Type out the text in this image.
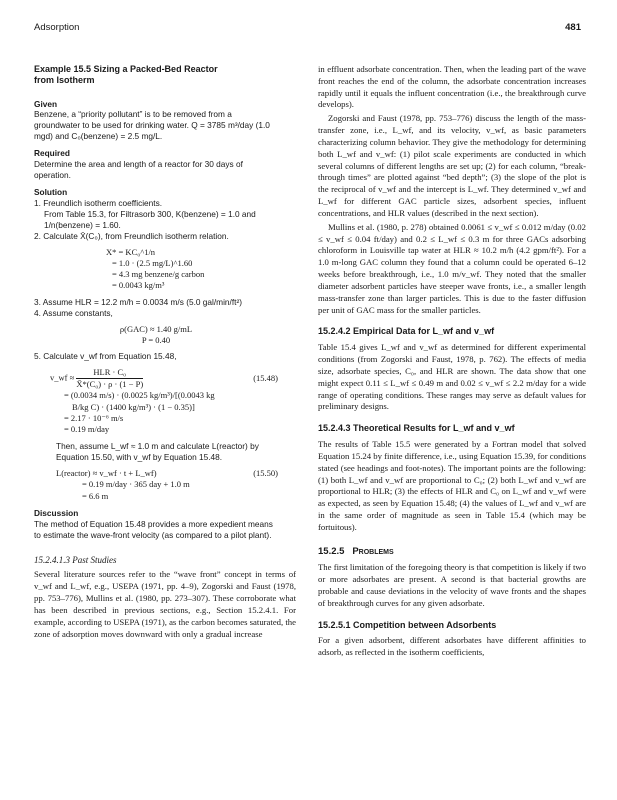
Adsorption	481
Example 15.5 Sizing a Packed-Bed Reactor
from Isotherm
Given

Benzene, a “priority pollutant” is to be removed from a groundwater to be used for drinking water. Q = 3785 m³/day (1.0 mgd) and C₀(benzene) = 2.5 mg/L.

Required

Determine the area and length of a reactor for 30 days of operation.

Solution
1. Freundlich isotherm coefficients.
From Table 15.3, for Filtrasorb 300, K(benzene) = 1.0 and 1/n(benzene) = 1.60.
2. Calculate X̄(C₀), from Freundlich isotherm relation.
X* = KC₀^1/n
= 1.0 · (2.5 mg/L)^1.60
= 4.3 mg benzene/g carbon
= 0.0043 kg/m³
3. Assume HLR = 12.2 m/h = 0.0034 m/s (5.0 gal/min/ft²)
4. Assume constants,
ρ(GAC) ≈ 1.40 g/mL
P = 0.40
5. Calculate v_wf from Equation 15.48,
v_wf ≈ $\frac{\text{HLR · C₀}}{\text{X̄*(C₀) · ρ · (1 − P)}}$	(15.48)
= (0.0034 m/s) · (0.0025 kg/m³)/[(0.0043 kg
B/kg C) · (1400 kg/m³) · (1 − 0.35)]
= 2.17 · 10⁻⁶ m/s
= 0.19 m/day

Then, assume L_wf ≈ 1.0 m and calculate L(reactor) by Equation 15.50, with v_wf by Equation 15.48.

L(reactor) ≈ v_wf · t + L_wf)	(15.50)
= 0.19 m/day · 365 day + 1.0 m
= 6.6 m
Discussion

The method of Equation 15.48 provides a more expedient means to estimate the wave-front velocity (as compared to a pilot plant).

15.2.4.1.3 Past Studies

Several literature sources refer to the “wave front” concept in terms of v_wf and L_wf, e.g., USEPA (1971, pp. 4–9), Zogorski and Faust (1978, pp. 753–776), Mullins et al. (1980, pp. 273–307). These corroborate what has been described in previous sections, e.g., Section 15.2.4.1. For example, according to USEPA (1971), as the carbon becomes saturated, the zone of adsorption moves downward with only a gradual increase

in effluent adsorbate concentration. Then, when the leading part of the wave front reaches the end of the column, the adsorbate concentration increases rapidly until it equals the influent concentration (i.e., the breakthrough curve develops).

Zogorski and Faust (1978, pp. 753–776) discuss the length of the mass-transfer zone, i.e., L_wf, and its velocity, v_wf, as basic parameters characterizing column behavior. They give the methodology for determining both L_wf and v_wf: (1) pilot scale experiments are conducted in which several columns of different lengths are set up; (2) for each column, “break-through times” are plotted against “bed depth”; (3) the slope of the plot is the reciprocal of v_wf and the intercept is L_wf. They determined v_wf and L_wf for different GAC particle sizes, adsorbent species, influent concentrations, and HLR values (described in the next section).

Mullins et al. (1980, p. 278) obtained 0.0061 ≤ v_wf ≤ 0.012 m/day (0.02 ≤ v_wf ≤ 0.04 ft/day) and 0.2 ≤ L_wf ≤ 0.3 m for three GACs adsorbing chloroform in Louisville tap water at HLR ≈ 10.2 m/h (4.2 gpm/ft²). For a 1.0 m-long GAC column they found that a column could be operated 6–12 weeks before breakthrough, i.e., 1.0 m/v_wf. They noted that the smaller diameter adsorbent particles have steeper wave fronts, i.e., a smaller length mass-transfer zone than larger particles. This is due to the faster diffusion per unit of GAC mass for the smaller particles.

15.2.4.2 Empirical Data for L_wf and v_wf

Table 15.4 gives L_wf and v_wf as determined for different experimental conditions (from Zogorski and Faust, 1978, p. 762). The effects of media size, adsorbate species, C₀, and HLR are shown. The data show that one might expect 0.11 ≤ L_wf ≤ 0.49 m and 0.02 ≤ v_wf ≤ 2.2 m/day for a wide range of operating conditions. These ranges may serve as default values for preliminary designs.

15.2.4.3 Theoretical Results for L_wf and v_wf

The results of Table 15.5 were generated by a Fortran model that solved Equation 15.24 by finite difference, i.e., using Equation 15.39, for conditions stated (see headings and foot-notes). The important points are the following: (1) both L_wf and v_wf are proportional to C₀; (2) both L_wf and v_wf are proportional to HLR; (3) the effects of HLR and C₀ on L_wf and v_wf were as expected, as seen by Equation 15.48; (4) the values of L_wf and v_wf are in the same order of magnitude as seen in Table 15.4 (which may be fortuitous).

15.2.5 Problems

The first limitation of the foregoing theory is that competition is likely if two or more adsorbates are present. A second is that bacterial growths are probable and cause deviations in the velocity of wave fronts and the shapes of breakthrough curves for any given adsorbate.

15.2.5.1 Competition between Adsorbents

For a given adsorbent, different adsorbates have different affinities to adsorb, as reflected in the isotherm coefficients,
